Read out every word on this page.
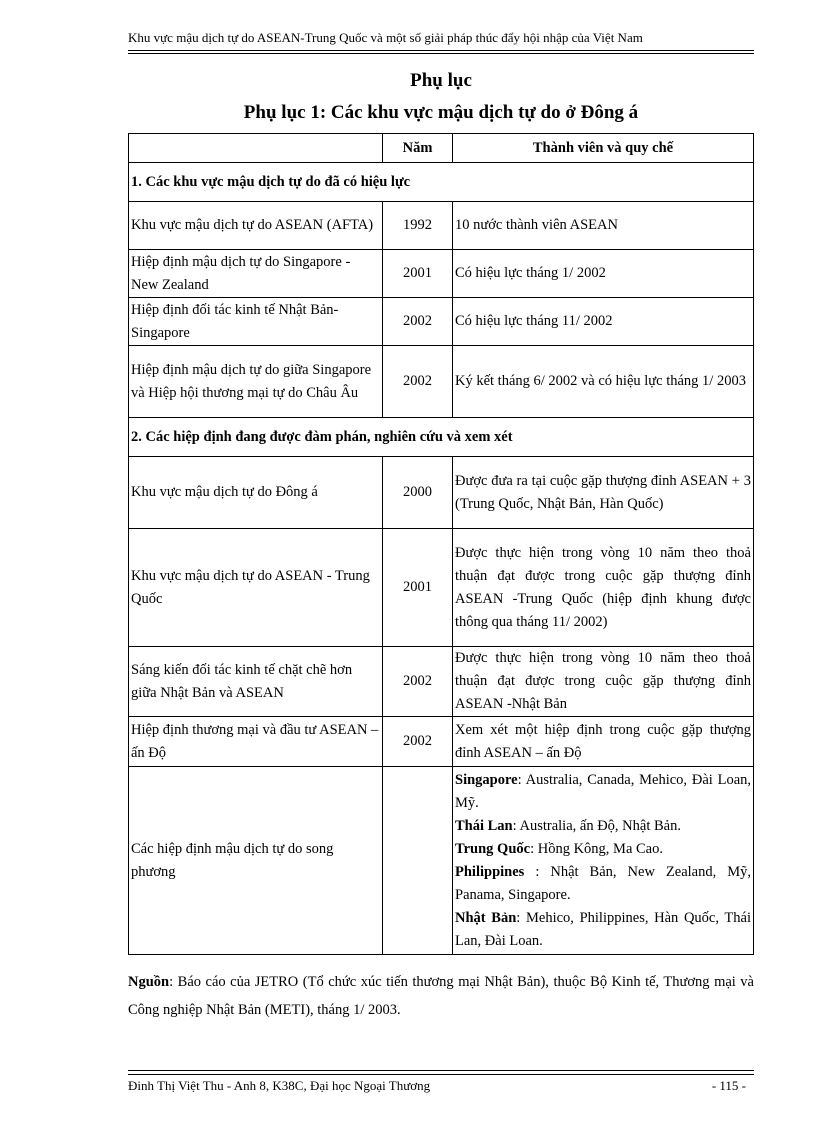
Khu vực mậu dịch tự do ASEAN-Trung Quốc và một số giải pháp thúc đẩy hội nhập của Việt Nam
Phụ lục
Phụ lục 1: Các khu vực mậu dịch tự do ở Đông á
	Năm	Thành viên và quy chế
1. Các khu vực mậu dịch tự do đã có hiệu lực		
Khu vực mậu dịch tự do ASEAN (AFTA)	1992	10 nước thành viên ASEAN
Hiệp định mậu dịch tự do Singapore - New Zealand	2001	Có hiệu lực tháng 1/ 2002
Hiệp định đối tác kinh tế Nhật Bản-Singapore	2002	Có hiệu lực tháng 11/ 2002
Hiệp định mậu dịch tự do giữa Singapore và Hiệp hội thương mại tự do Châu Âu	2002	Ký kết tháng 6/ 2002 và có hiệu lực tháng 1/ 2003
2. Các hiệp định đang được đàm phán, nghiên cứu và xem xét		
Khu vực mậu dịch tự do Đông á	2000	Được đưa ra tại cuộc gặp thượng đỉnh ASEAN + 3 (Trung Quốc, Nhật Bản, Hàn Quốc)
Khu vực mậu dịch tự do ASEAN - Trung Quốc	2001	Được thực hiện trong vòng 10 năm theo thoả thuận đạt được trong cuộc gặp thượng đỉnh ASEAN -Trung Quốc (hiệp định khung được thông qua tháng 11/ 2002)
Sáng kiến đối tác kinh tế chặt chẽ hơn giữa Nhật Bản và ASEAN	2002	Được thực hiện trong vòng 10 năm theo thoả thuận đạt được trong cuộc gặp thượng đỉnh ASEAN -Nhật Bản
Hiệp định thương mại và đầu tư ASEAN – ấn Độ	2002	Xem xét một hiệp định trong cuộc gặp thượng đỉnh ASEAN – ấn Độ
Các hiệp định mậu dịch tự do song phương		Singapore: Australia, Canada, Mehico, Đài Loan, Mỹ.
Thái Lan: Australia, ấn Độ, Nhật Bản.
Trung Quốc: Hồng Kông, Ma Cao.
Philippines : Nhật Bản, New Zealand, Mỹ, Panama, Singapore.
Nhật Bản: Mehico, Philippines, Hàn Quốc, Thái Lan, Đài Loan.

Nguồn: Báo cáo của JETRO (Tổ chức xúc tiến thương mại Nhật Bản), thuộc Bộ Kinh tế, Thương mại và Công nghiệp Nhật Bản (METI), tháng 1/ 2003.

Đinh Thị Việt Thu - Anh 8, K38C, Đại học Ngoại Thương	- 115 -
